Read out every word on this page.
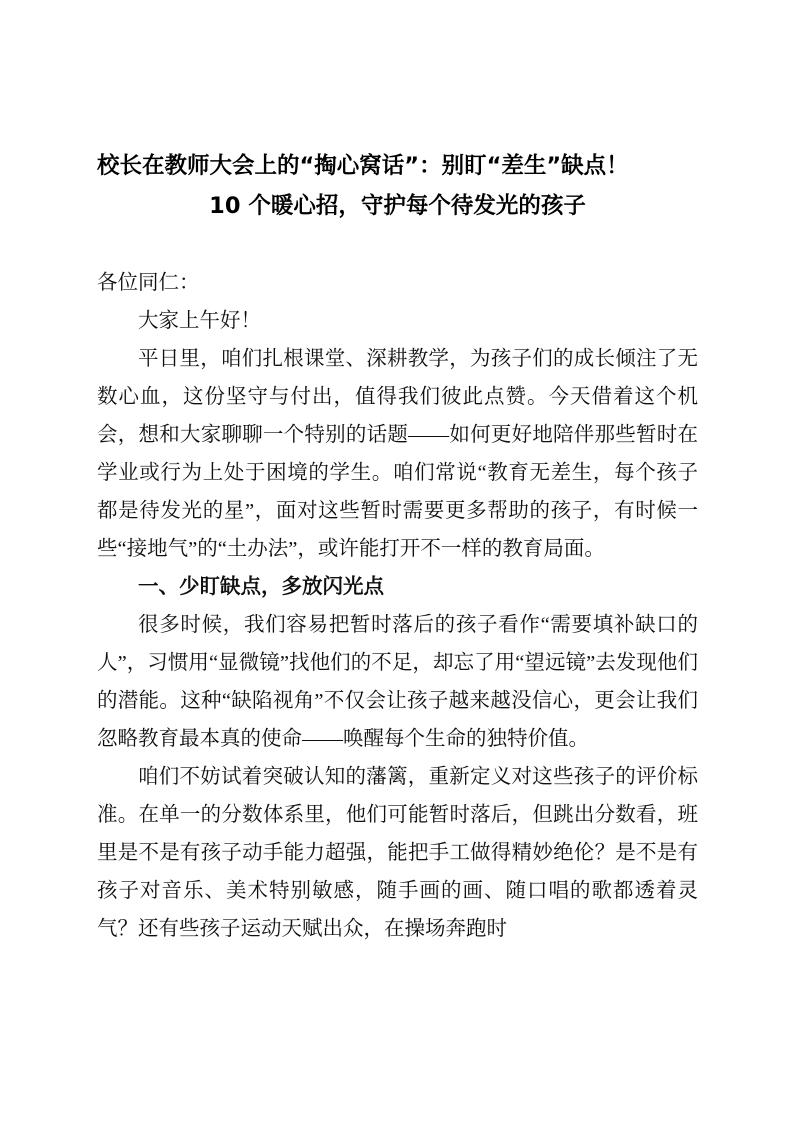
校长在教师大会上的“掏心窝话”：别盯“差生”缺点！
10 个暖心招，守护每个待发光的孩子

各位同仁：

大家上午好！

平日里，咱们扎根课堂、深耕教学，为孩子们的成长倾注了无数心血，这份坚守与付出，值得我们彼此点赞。今天借着这个机会，想和大家聊聊一个特别的话题——如何更好地陪伴那些暂时在学业或行为上处于困境的学生。咱们常说“教育无差生，每个孩子都是待发光的星”，面对这些暂时需要更多帮助的孩子，有时候一些“接地气”的“土办法”，或许能打开不一样的教育局面。

一、少盯缺点，多放闪光点

很多时候，我们容易把暂时落后的孩子看作“需要填补缺口的人”，习惯用“显微镜”找他们的不足，却忘了用“望远镜”去发现他们的潜能。这种“缺陷视角”不仅会让孩子越来越没信心，更会让我们忽略教育最本真的使命——唤醒每个生命的独特价值。

咱们不妨试着突破认知的藩篱，重新定义对这些孩子的评价标准。在单一的分数体系里，他们可能暂时落后，但跳出分数看，班里是不是有孩子动手能力超强，能把手工做得精妙绝伦？是不是有孩子对音乐、美术特别敏感，随手画的画、随口唱的歌都透着灵气？还有些孩子运动天赋出众，在操场奔跑时
